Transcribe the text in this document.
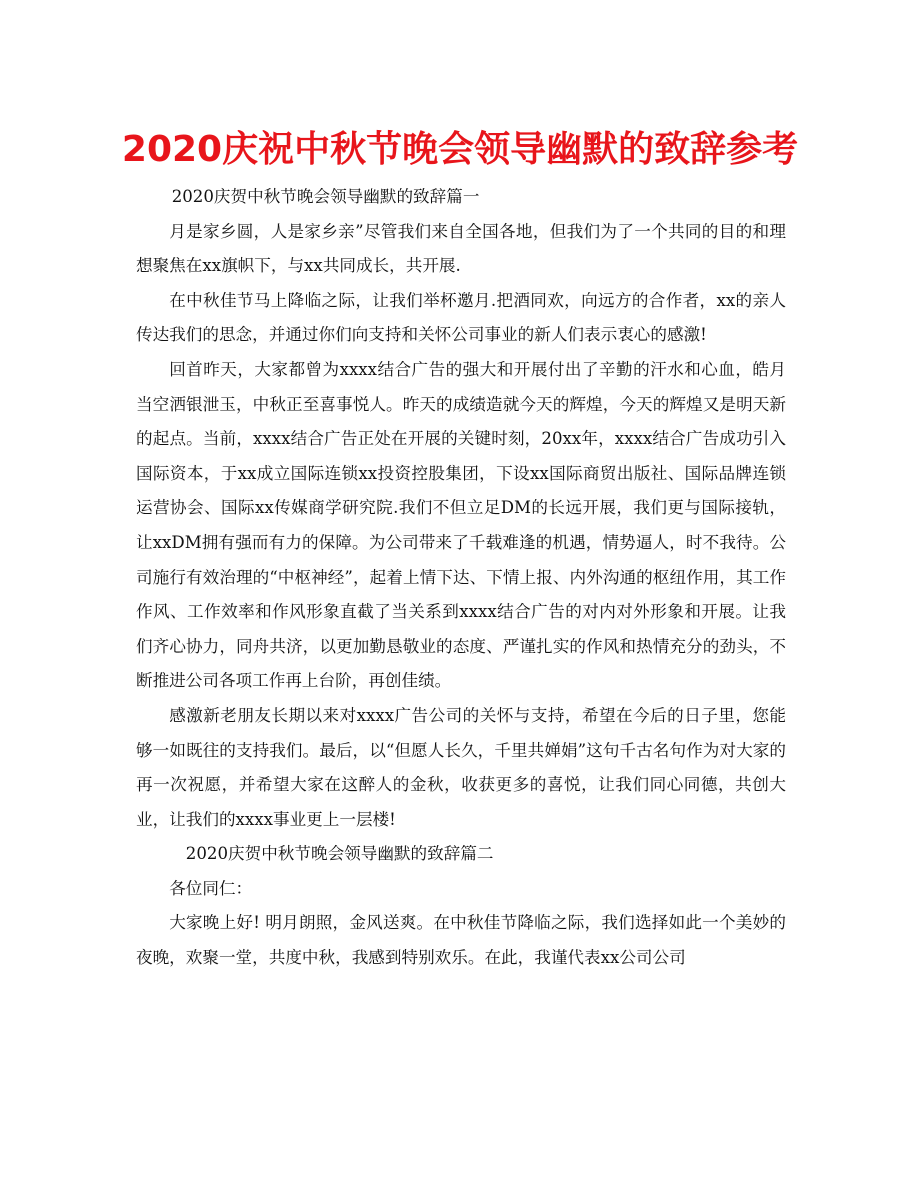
2020庆祝中秋节晚会领导幽默的致辞参考

2020庆贺中秋节晚会领导幽默的致辞篇一

月是家乡圆，人是家乡亲”尽管我们来自全国各地，但我们为了一个共同的目的和理想聚焦在xx旗帜下，与xx共同成长，共开展.

在中秋佳节马上降临之际，让我们举杯邀月.把酒同欢，向远方的合作者，xx的亲人传达我们的思念，并通过你们向支持和关怀公司事业的新人们表示衷心的感激!

回首昨天，大家都曾为xxxx结合广告的强大和开展付出了辛勤的汗水和心血，皓月当空洒银泄玉，中秋正至喜事悦人。昨天的成绩造就今天的辉煌，今天的辉煌又是明天新的起点。当前，xxxx结合广告正处在开展的关键时刻，20xx年，xxxx结合广告成功引入国际资本，于xx成立国际连锁xx投资控股集团，下设xx国际商贸出版社、国际品牌连锁运营协会、国际xx传媒商学研究院.我们不但立足DM的长远开展，我们更与国际接轨，让xxDM拥有强而有力的保障。为公司带来了千载难逢的机遇，情势逼人，时不我待。公司施行有效治理的“中枢神经”，起着上情下达、下情上报、内外沟通的枢纽作用，其工作作风、工作效率和作风形象直截了当关系到xxxx结合广告的对内对外形象和开展。让我们齐心协力，同舟共济，以更加勤恳敬业的态度、严谨扎实的作风和热情充分的劲头，不断推进公司各项工作再上台阶，再创佳绩。

感激新老朋友长期以来对xxxx广告公司的关怀与支持，希望在今后的日子里，您能够一如既往的支持我们。最后，以“但愿人长久，千里共婵娟”这句千古名句作为对大家的再一次祝愿，并希望大家在这醉人的金秋，收获更多的喜悦，让我们同心同德，共创大业，让我们的xxxx事业更上一层楼!

2020庆贺中秋节晚会领导幽默的致辞篇二

各位同仁：

大家晚上好! 明月朗照，金风送爽。在中秋佳节降临之际，我们选择如此一个美妙的夜晚，欢聚一堂，共度中秋，我感到特别欢乐。在此，我谨代表xx公司公司
